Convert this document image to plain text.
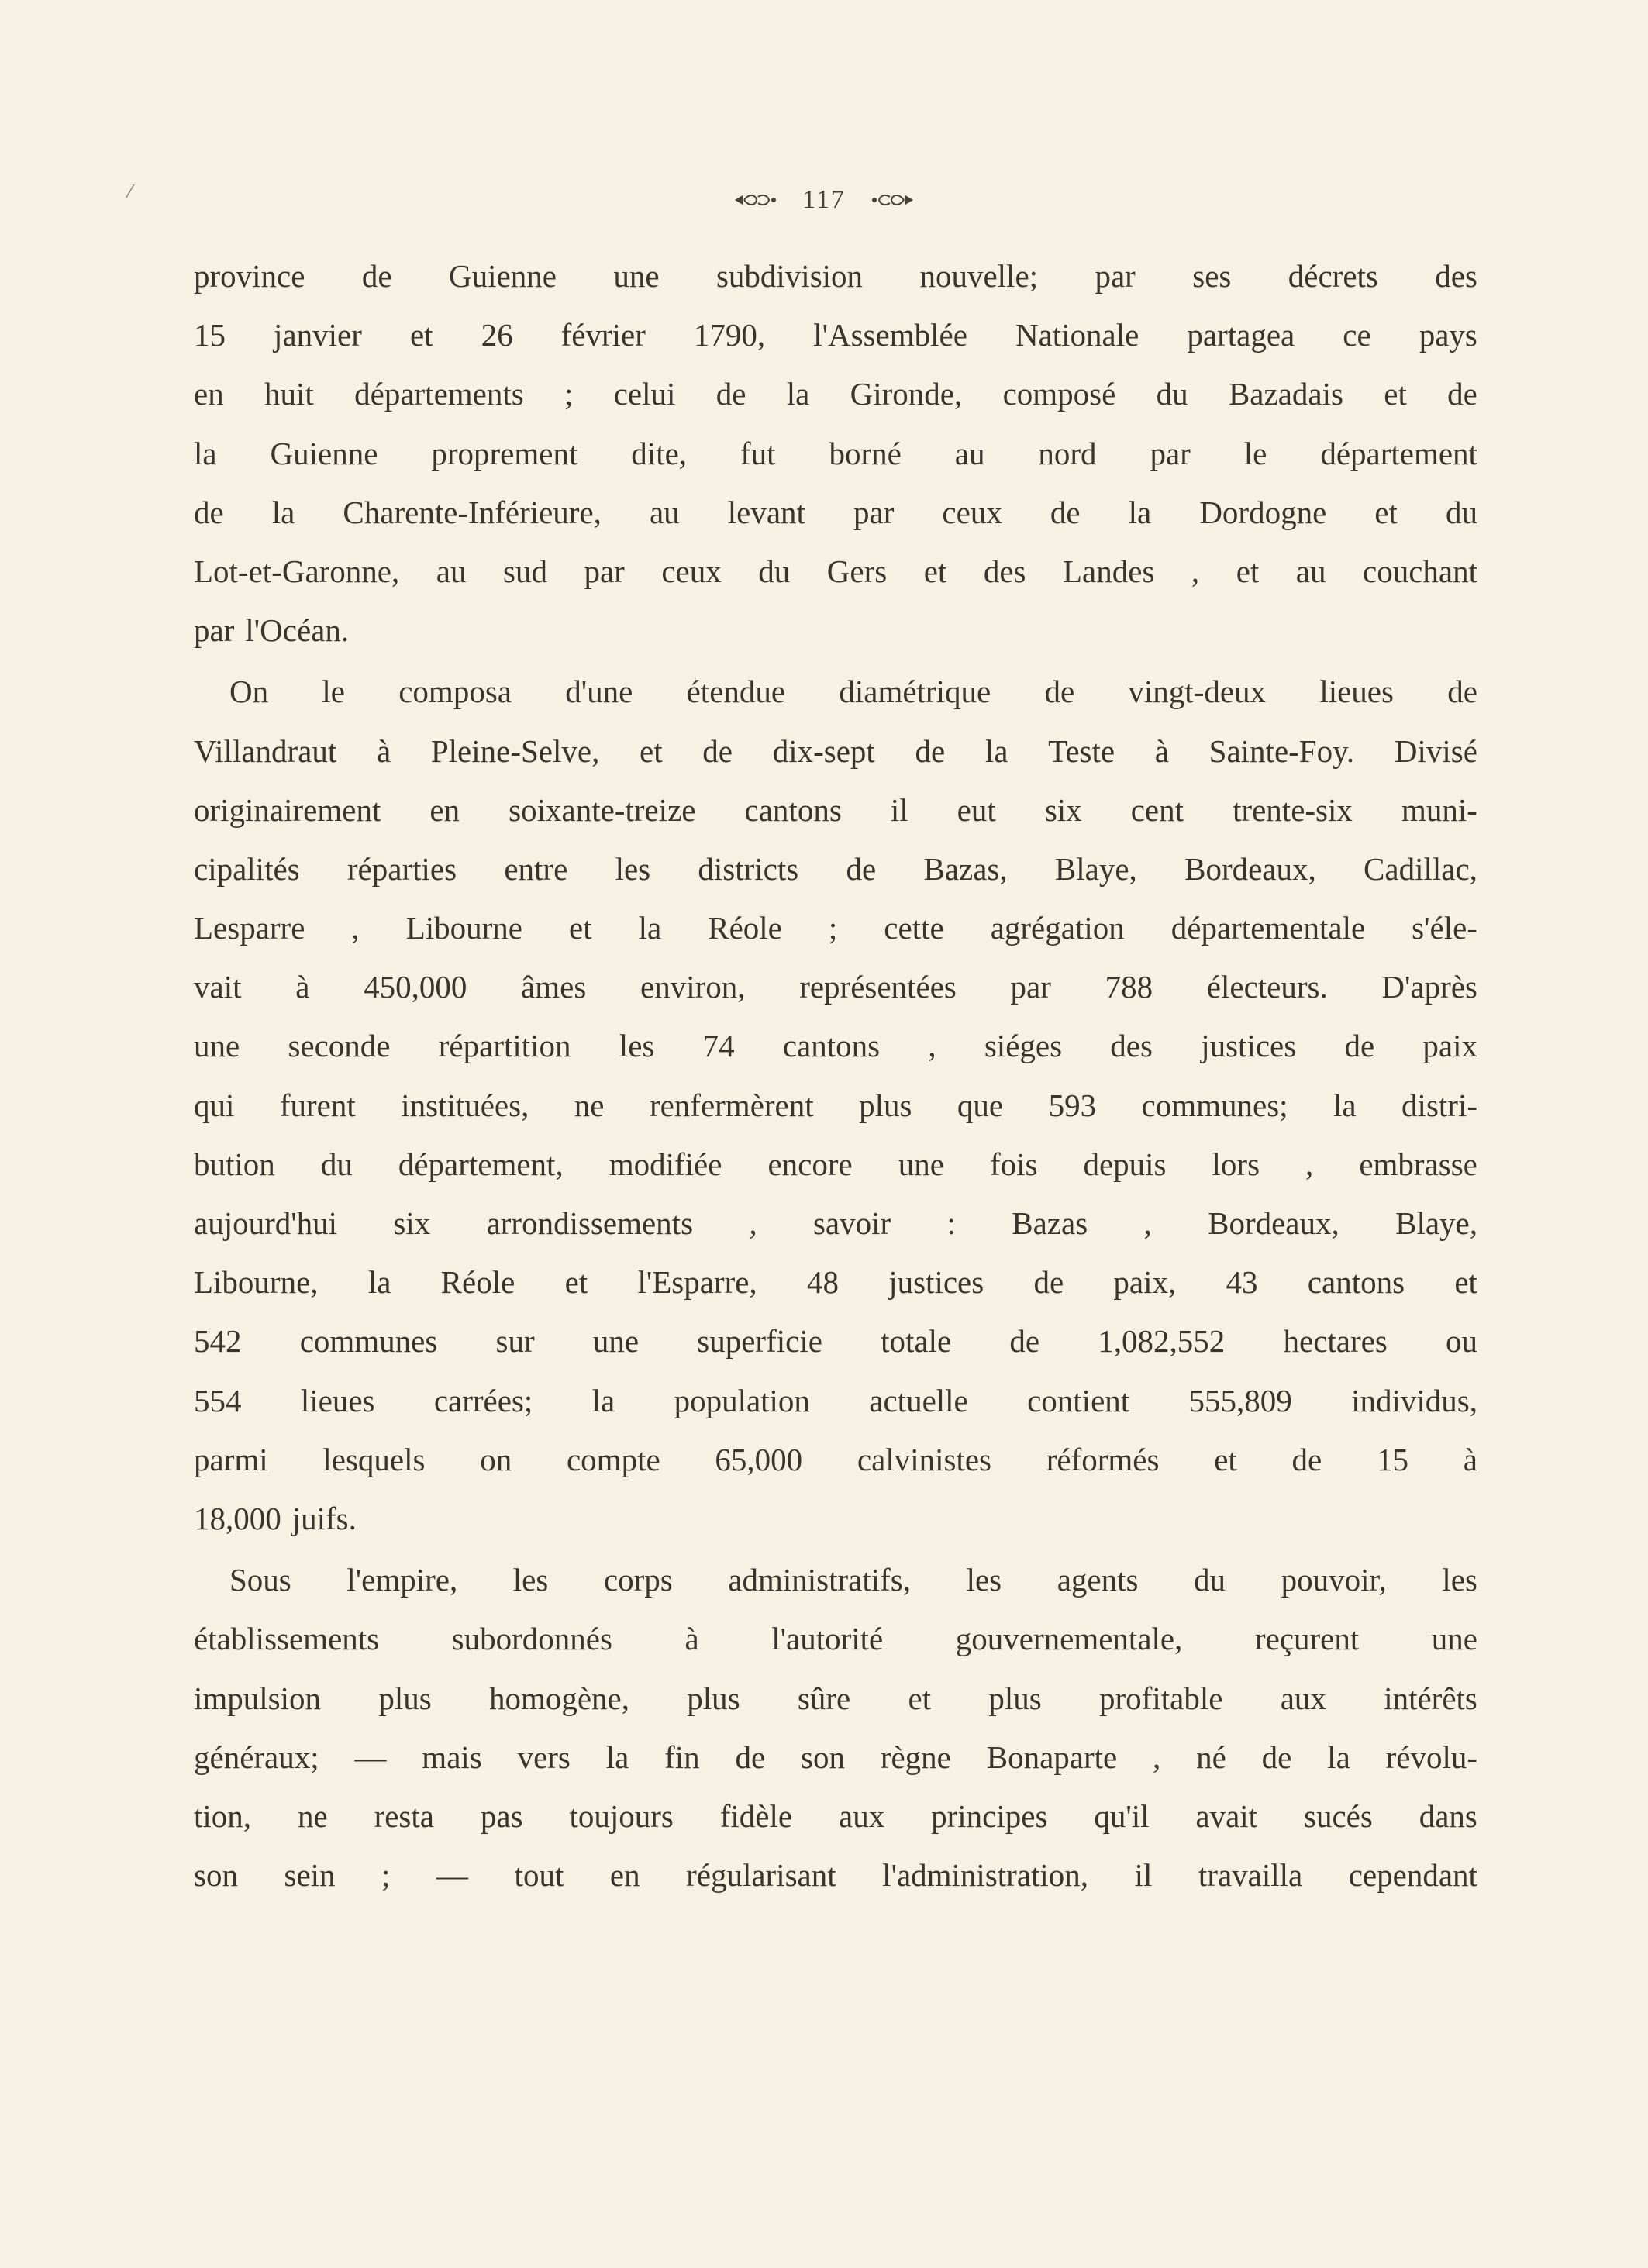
117
province de Guienne une subdivision nouvelle; par ses décrets des
15 janvier et 26 février 1790, l'Assemblée Nationale partagea ce pays
en huit départements ; celui de la Gironde, composé du Bazadais et de
la Guienne proprement dite, fut borné au nord par le département
de la Charente-Inférieure, au levant par ceux de la Dordogne et du
Lot-et-Garonne, au sud par ceux du Gers et des Landes , et au couchant
par l'Océan.
On le composa d'une étendue diamétrique de vingt-deux lieues de
Villandraut à Pleine-Selve, et de dix-sept de la Teste à Sainte-Foy. Divisé
originairement en soixante-treize cantons il eut six cent trente-six muni-
cipalités réparties entre les districts de Bazas, Blaye, Bordeaux, Cadillac,
Lesparre , Libourne et la Réole ; cette agrégation départementale s'éle-
vait à 450,000 âmes environ, représentées par 788 électeurs. D'après
une seconde répartition les 74 cantons , siéges des justices de paix
qui furent instituées, ne renfermèrent plus que 593 communes; la distri-
bution du département, modifiée encore une fois depuis lors , embrasse
aujourd'hui six arrondissements , savoir : Bazas , Bordeaux, Blaye,
Libourne, la Réole et l'Esparre, 48 justices de paix, 43 cantons et
542 communes sur une superficie totale de 1,082,552 hectares ou
554 lieues carrées; la population actuelle contient 555,809 individus,
parmi lesquels on compte 65,000 calvinistes réformés et de 15 à
18,000 juifs.
Sous l'empire, les corps administratifs, les agents du pouvoir, les
établissements subordonnés à l'autorité gouvernementale, reçurent une
impulsion plus homogène, plus sûre et plus profitable aux intérêts
généraux; — mais vers la fin de son règne Bonaparte , né de la révolu-
tion, ne resta pas toujours fidèle aux principes qu'il avait sucés dans
son sein ; — tout en régularisant l'administration, il travailla cependant
⁄
